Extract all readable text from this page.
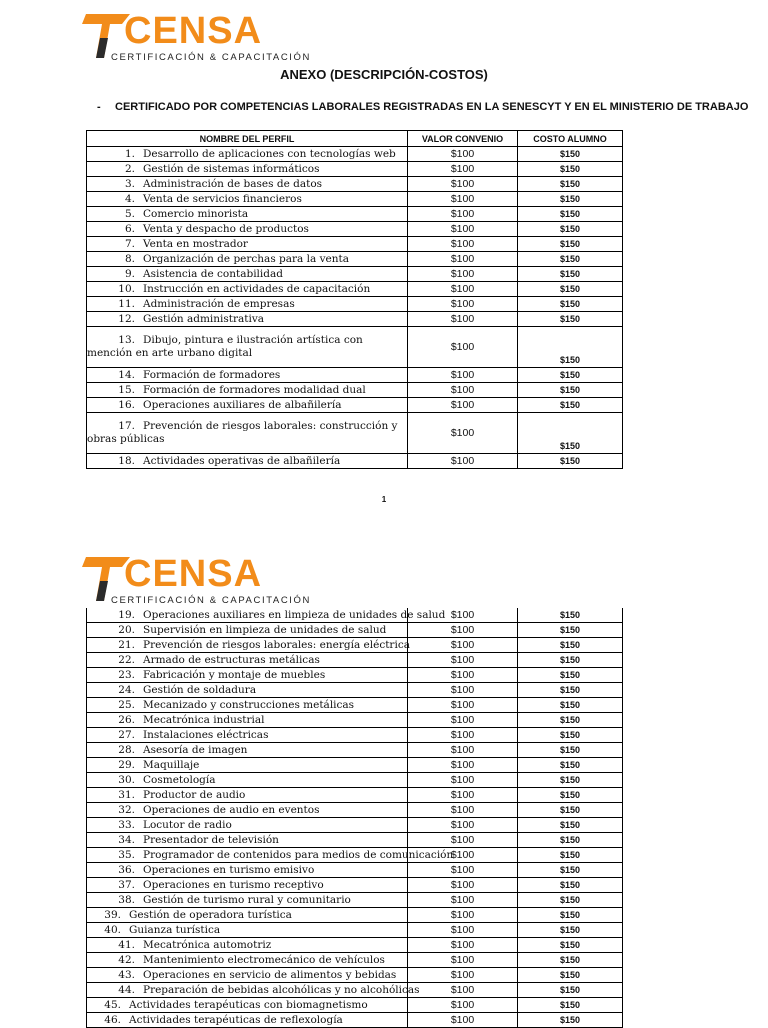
CENSA
CERTIFICACIÓN & CAPACITACIÓN
ANEXO (DESCRIPCIÓN-COSTOS)
- CERTIFICADO POR COMPETENCIAS LABORALES REGISTRADAS EN LA SENESCYT Y EN EL MINISTERIO DE TRABAJO
NOMBRE DEL PERFIL	VALOR CONVENIO	COSTO ALUMNO
1. Desarrollo de aplicaciones con tecnologías web	$100	$150
2. Gestión de sistemas informáticos	$100	$150
3. Administración de bases de datos	$100	$150
4. Venta de servicios financieros	$100	$150
5. Comercio minorista	$100	$150
6. Venta y despacho de productos	$100	$150
7. Venta en mostrador	$100	$150
8. Organización de perchas para la venta	$100	$150
9. Asistencia de contabilidad	$100	$150
10. Instrucción en actividades de capacitación	$100	$150
11. Administración de empresas	$100	$150
12. Gestión administrativa	$100	$150
13. Dibujo, pintura e ilustración artística con mención en arte urbano digital	$100	$150
14. Formación de formadores	$100	$150
15. Formación de formadores modalidad dual	$100	$150
16. Operaciones auxiliares de albañilería	$100	$150
17. Prevención de riesgos laborales: construcción y obras públicas	$100	$150
18. Actividades operativas de albañilería	$100	$150
1
CENSA
CERTIFICACIÓN & CAPACITACIÓN
19. Operaciones auxiliares en limpieza de unidades de salud	$100	$150
20. Supervisión en limpieza de unidades de salud	$100	$150
21. Prevención de riesgos laborales: energía eléctrica	$100	$150
22. Armado de estructuras metálicas	$100	$150
23. Fabricación y montaje de muebles	$100	$150
24. Gestión de soldadura	$100	$150
25. Mecanizado y construcciones metálicas	$100	$150
26. Mecatrónica industrial	$100	$150
27. Instalaciones eléctricas	$100	$150
28. Asesoría de imagen	$100	$150
29. Maquillaje	$100	$150
30. Cosmetología	$100	$150
31. Productor de audio	$100	$150
32. Operaciones de audio en eventos	$100	$150
33. Locutor de radio	$100	$150
34. Presentador de televisión	$100	$150
35. Programador de contenidos para medios de comunicación	$100	$150
36. Operaciones en turismo emisivo	$100	$150
37. Operaciones en turismo receptivo	$100	$150
38. Gestión de turismo rural y comunitario	$100	$150
39. Gestión de operadora turística	$100	$150
40. Guianza turística	$100	$150
41. Mecatrónica automotriz	$100	$150
42. Mantenimiento electromecánico de vehículos	$100	$150
43. Operaciones en servicio de alimentos y bebidas	$100	$150
44. Preparación de bebidas alcohólicas y no alcohólicas	$100	$150
45. Actividades terapéuticas con biomagnetismo	$100	$150
46. Actividades terapéuticas de reflexología	$100	$150
